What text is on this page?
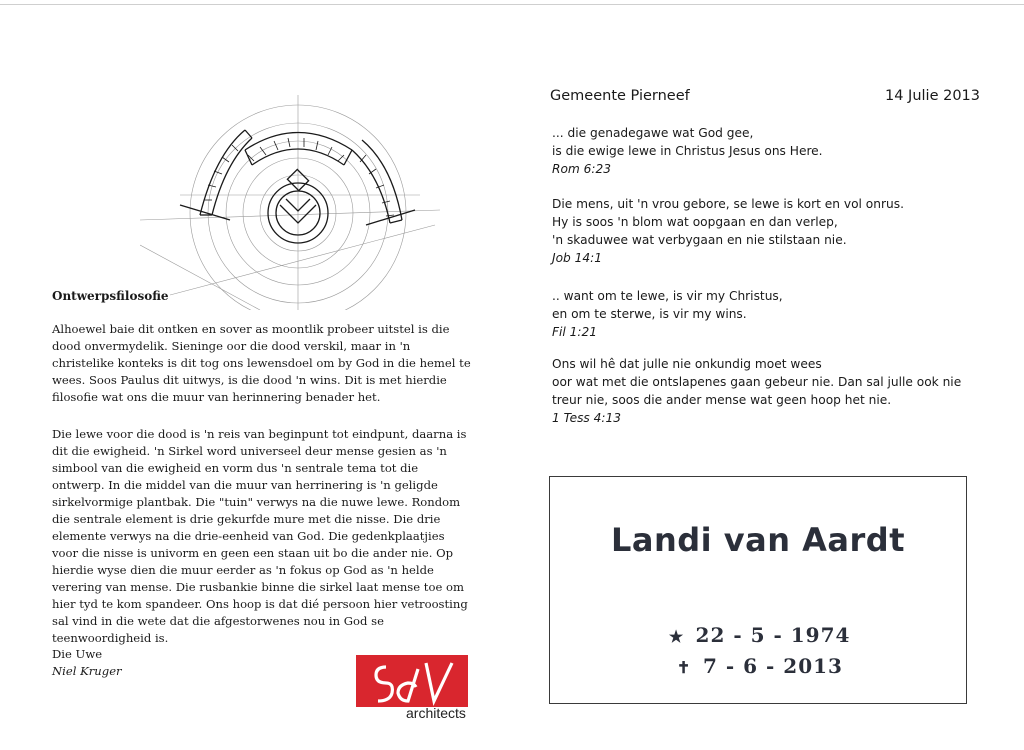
Ontwerpsfilosofie

Alhoewel baie dit ontken en sover as moontlik probeer uitstel is die dood onvermydelik. Sieninge oor die dood verskil, maar in 'n christelike konteks is dit tog ons lewensdoel om by God in die hemel te wees. Soos Paulus dit uitwys, is die dood 'n wins. Dit is met hierdie filosofie wat ons die muur van herinnering benader het.

Die lewe voor die dood is 'n reis van beginpunt tot eindpunt, daarna is dit die ewigheid. 'n Sirkel word universeel deur mense gesien as 'n simbool van die ewigheid en vorm dus 'n sentrale tema tot die ontwerp. In die middel van die muur van herrinering is 'n geligde sirkelvormige plantbak. Die "tuin" verwys na die nuwe lewe. Rondom die sentrale element is drie gekurfde mure met die nisse. Die drie elemente verwys na die drie-eenheid van God. Die gedenkplaatjies voor die nisse is univorm en geen een staan uit bo die ander nie. Op hierdie wyse dien die muur eerder as 'n fokus op God as 'n helde verering van mense. Die rusbankie binne die sirkel laat mense toe om hier tyd te kom spandeer. Ons hoop is dat dié persoon hier vetroosting sal vind in die wete dat die afgestorwenes nou in God se teenwoordigheid is.

Die Uwe
Niel Kruger
architects
Gemeente Pierneef	14 Julie 2013
... die genadegawe wat God gee,
is die ewige lewe in Christus Jesus ons Here.
Rom 6:23
Die mens, uit 'n vrou gebore, se lewe is kort en vol onrus.
Hy is soos 'n blom wat oopgaan en dan verlep,
'n skaduwee wat verbygaan en nie stilstaan nie.
Job 14:1
.. want om te lewe, is vir my Christus,
en om te sterwe, is vir my wins.
Fil 1:21
Ons wil hê dat julle nie onkundig moet wees
oor wat met die ontslapenes gaan gebeur nie. Dan sal julle ook nie
treur nie, soos die ander mense wat geen hoop het nie.
1 Tess 4:13
Landi van Aardt
★ 22 - 5 - 1974
✝ 7 - 6 - 2013
